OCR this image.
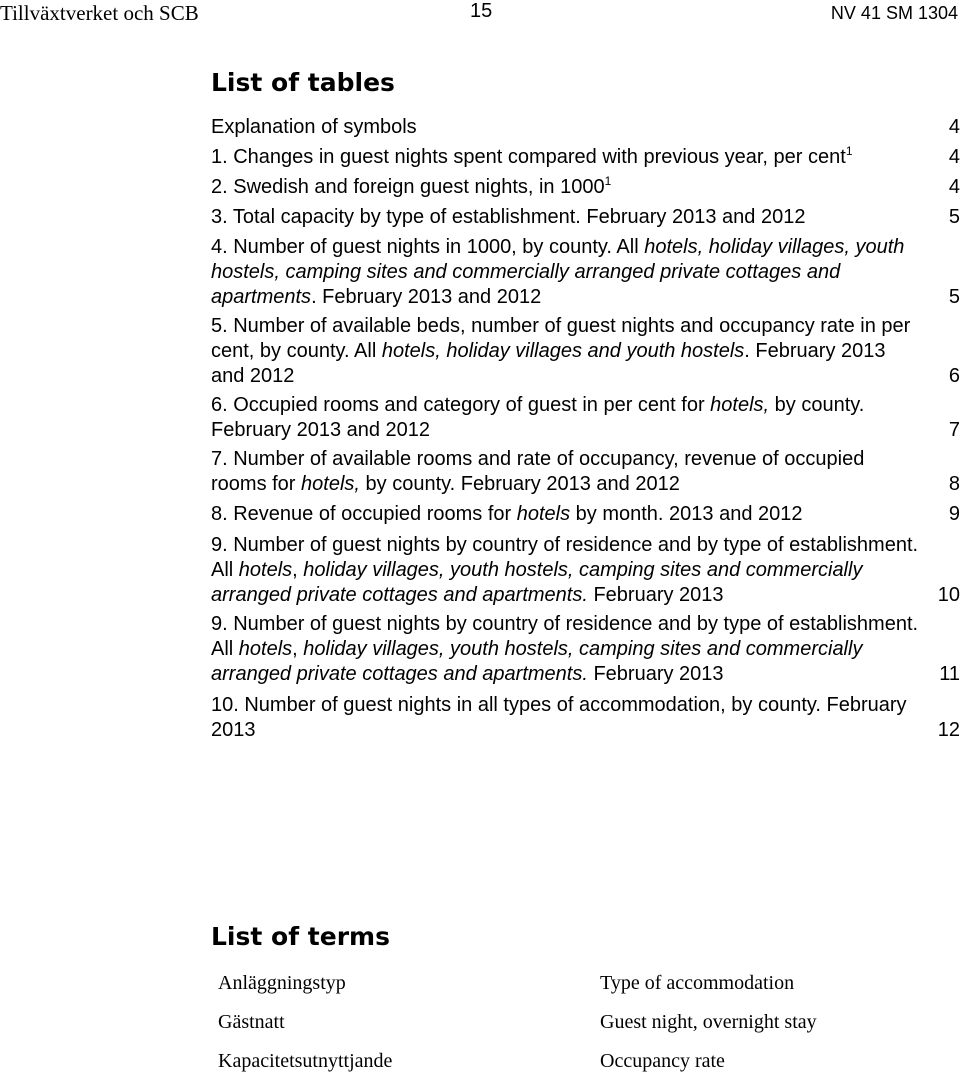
Tillväxtverket och SCB	15	NV 41 SM 1304
List of tables
Explanation of symbols	4
1. Changes in guest nights spent compared with previous year, per cent$^1$	4
2. Swedish and foreign guest nights, in 1000$^1$	4
3. Total capacity by type of establishment. February 2013 and 2012	5
4. Number of guest nights in 1000, by county. All hotels, holiday villages, youth hostels, camping sites and commercially arranged private cottages and apartments. February 2013 and 2012	5
5. Number of available beds, number of guest nights and occupancy rate in per cent, by county. All hotels, holiday villages and youth hostels. February 2013 and 2012	6
6. Occupied rooms and category of guest in per cent for hotels, by county. February 2013 and 2012	7
7. Number of available rooms and rate of occupancy, revenue of occupied rooms for hotels, by county. February 2013 and 2012	8
8. Revenue of occupied rooms for hotels by month. 2013 and 2012	9
9. Number of guest nights by country of residence and by type of establishment. All hotels, holiday villages, youth hostels, camping sites and commercially arranged private cottages and apartments. February 2013	10
9. Number of guest nights by country of residence and by type of establishment. All hotels, holiday villages, youth hostels, camping sites and commercially arranged private cottages and apartments. February 2013	11
10. Number of guest nights in all types of accommodation, by county. February 2013	12
List of terms
Anläggningstyp	Type of accommodation
Gästnatt	Guest night, overnight stay
Kapacitetsutnyttjande	Occupancy rate
